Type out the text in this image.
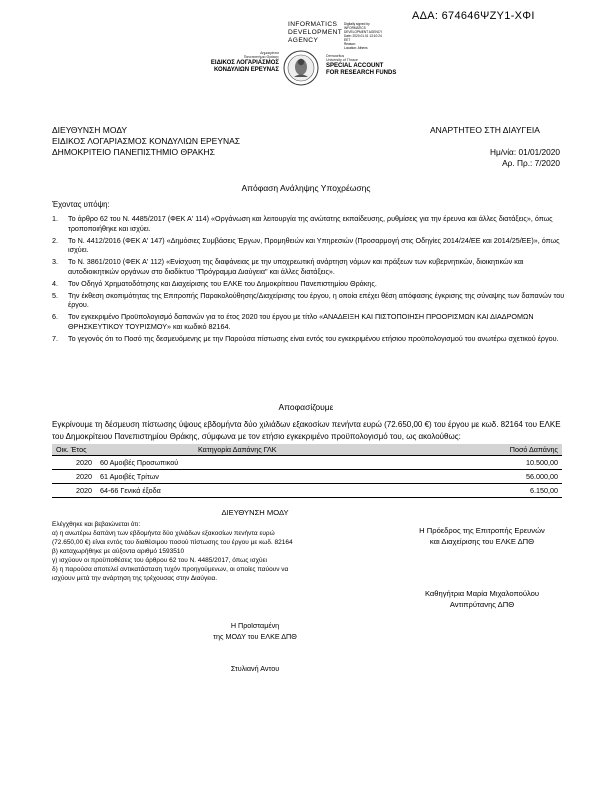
ΑΔΑ: 674646ΨΖΥ1-ΧΦΙ
Δημοκρίτειο
Πανεπιστήμιο Θράκης
ΕΙΔΙΚΟΣ ΛΟΓΑΡΙΑΣΜΟΣ
ΚΟΝΔΥΛΙΩΝ ΕΡΕΥΝΑΣ
INFORMATICS
DEVELOPMENT
AGENCY
Digitally signed by
INFORMATICS
DEVELOPMENT AGENCY
Date: 2020.01.01 13:10:24
EET
Reason:
Location: Athens
Democritus
University of Thrace
SPECIAL ACCOUNT
FOR RESEARCH FUNDS
ΔΙΕΥΘΥΝΣΗ ΜΟΔΥ
ΕΙΔΙΚΟΣ ΛΟΓΑΡΙΑΣΜΟΣ ΚΟΝΔΥΛΙΩΝ ΕΡΕΥΝΑΣ
ΔΗΜΟΚΡΙΤΕΙΟ ΠΑΝΕΠΙΣΤΗΜΙΟ ΘΡΑΚΗΣ
ΑΝΑΡΤΗΤΕΟ ΣΤΗ ΔΙΑΥΓΕΙΑ
Ημ/νία: 01/01/2020
Αρ. Πρ.: 7/2020
Απόφαση Ανάληψης Υποχρέωσης
Έχοντας υπόψη:
1.	Το άρθρο 62 του Ν. 4485/2017 (ΦΕΚ Α' 114) «Οργάνωση και λειτουργία της ανώτατης εκπαίδευσης, ρυθμίσεις για την έρευνα και άλλες διατάξεις», όπως τροποποιήθηκε και ισχύει.
2.	Το Ν. 4412/2016 (ΦΕΚ Α' 147) «Δημόσιες Συμβάσεις Έργων, Προμηθειών και Υπηρεσιών (Προσαρμογή στις Οδηγίες 2014/24/ΕΕ και 2014/25/ΕΕ)», όπως ισχύει.
3.	Το Ν. 3861/2010 (ΦΕΚ Α' 112) «Ενίσχυση της διαφάνειας με την υποχρεωτική ανάρτηση νόμων και πράξεων των κυβερνητικών, διοικητικών και αυτοδιοικητικών οργάνων στο διαδίκτυο "Πρόγραμμα Διαύγεια" και άλλες διατάξεις».
4.	Τον Οδηγό Χρηματοδότησης και Διαχείρισης του ΕΛΚΕ του Δημοκρίτειου Πανεπιστημίου Θράκης.
5.	Την έκθεση σκοπιμότητας της Επιτροπής Παρακολούθησης/Διαχείρισης του έργου, η οποία επέχει θέση απόφασης έγκρισης της σύναψης των δαπανών του έργου.
6.	Τον εγκεκριμένο Προϋπολογισμό δαπανών για το έτος 2020 του έργου με τίτλο «ΑΝΑΔΕΙΞΗ ΚΑΙ ΠΙΣΤΟΠΟΙΗΣΗ ΠΡΟΟΡΙΣΜΩΝ ΚΑΙ ΔΙΑΔΡΟΜΩΝ ΘΡΗΣΚΕΥΤΙΚΟΥ ΤΟΥΡΙΣΜΟΥ» και κωδικό 82164.
7.	Το γεγονός ότι το Ποσό της δεσμευόμενης με την Παρούσα πίστωσης είναι εντός του εγκεκριμένου ετήσιου προϋπολογισμού του ανωτέρω σχετικού έργου.
Αποφασίζουμε
Εγκρίνουμε τη δέσμευση πίστωσης ύψους εβδομήντα δύο χιλιάδων εξακοσίων πενήντα ευρώ (72.650,00 €) του έργου με κωδ. 82164 του ΕΛΚΕ του Δημοκρίτειου Πανεπιστημίου Θράκης, σύμφωνα με τον ετήσιο εγκεκριμένο προϋπολογισμό του, ως ακολούθως:
Οικ. Έτος	Κατηγορία Δαπάνης ΓΛΚ	Ποσό Δαπάνης
2020	60 Αμοιβές Προσωπικού	10.500,00
2020	61 Αμοιβές Τρίτων	56.000,00
2020	64-66 Γενικά έξοδα	6.150,00
ΔΙΕΥΘΥΝΣΗ ΜΟΔΥ
Ελέγχθηκε και βεβαιώνεται ότι:
α) η ανωτέρω δαπάνη των εβδομήντα δύο χιλιάδων εξακοσίων πενήντα ευρώ
(72.650,00 €) είναι εντός του διαθέσιμου ποσού πίστωσης του έργου με κωδ. 82164
β) καταχωρήθηκε με αύξοντα αριθμό 1593510
γ) ισχύουν οι προϋποθέσεις του άρθρου 62 του Ν. 4485/2017, όπως ισχύει
δ) η παρούσα αποτελεί αντικατάσταση τυχόν προηγούμενων, οι οποίες παύουν να
ισχύουν μετά την ανάρτηση της τρέχουσας στην Διαύγεια.
Η Πρόεδρος της Επιτροπής Ερευνών
και Διαχείρισης του ΕΛΚΕ ΔΠΘ
Καθηγήτρια Μαρία Μιχαλοπούλου
Αντιπρύτανης ΔΠΘ
Η Προϊσταμένη
της ΜΟΔΥ του ΕΛΚΕ ΔΠΘ
Στυλιανή Αντου
